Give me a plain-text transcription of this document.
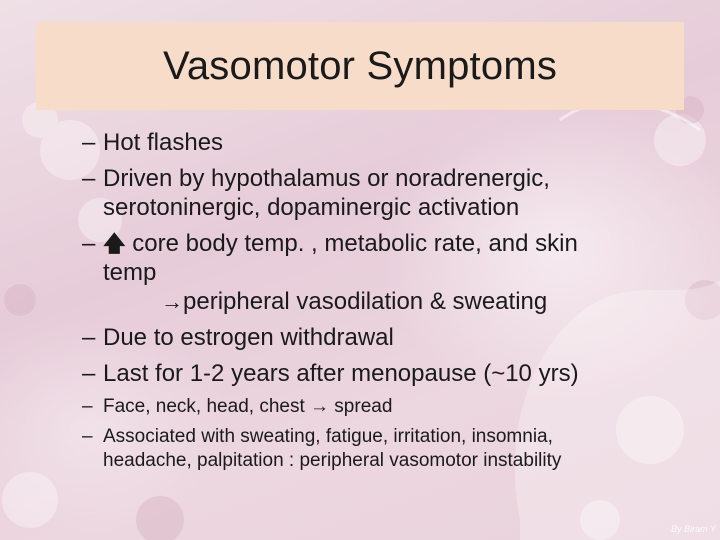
Vasomotor Symptoms
– Hot flashes
– Driven by hypothalamus or noradrenergic,
serotoninergic, dopaminergic activation
– 🡅 core body temp. , metabolic rate, and skin
temp
→peripheral vasodilation & sweating
– Due to estrogen withdrawal
– Last for 1-2 years after menopause (~10 yrs)
– Face, neck, head, chest → spread
– Associated with sweating, fatigue, irritation, insomnia,
headache, palpitation : peripheral vasomotor instability
By Biram Y
